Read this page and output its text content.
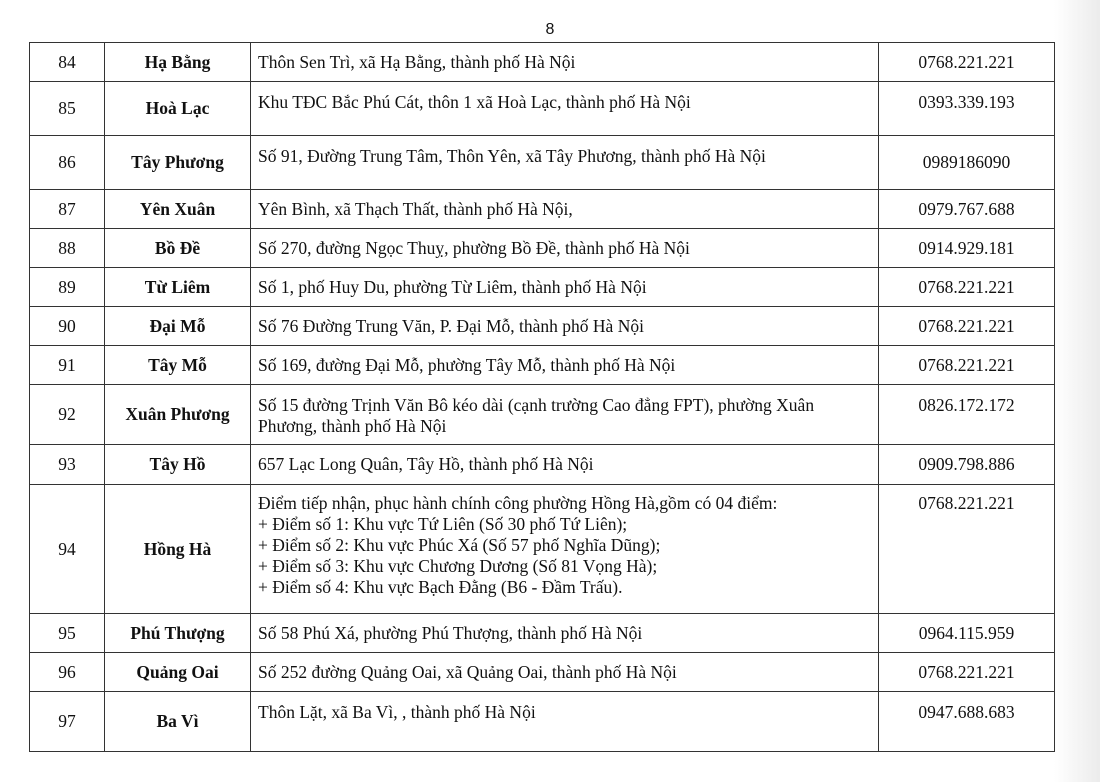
8
84	Hạ Bằng	Thôn Sen Trì, xã Hạ Bằng, thành phố Hà Nội	0768.221.221
85	Hoà Lạc	Khu TĐC Bắc Phú Cát, thôn 1 xã Hoà Lạc, thành phố Hà Nội	0393.339.193
86	Tây Phương	Số 91, Đường Trung Tâm, Thôn Yên, xã Tây Phương, thành phố Hà Nội	0989186090
87	Yên Xuân	Yên Bình, xã Thạch Thất, thành phố Hà Nội,	0979.767.688
88	Bồ Đề	Số 270, đường Ngọc Thuỵ, phường Bồ Đề, thành phố Hà Nội	0914.929.181
89	Từ Liêm	Số 1, phố Huy Du, phường Từ Liêm, thành phố Hà Nội	0768.221.221
90	Đại Mỗ	Số 76 Đường Trung Văn, P. Đại Mỗ, thành phố Hà Nội	0768.221.221
91	Tây Mỗ	Số 169, đường Đại Mỗ, phường Tây Mỗ, thành phố Hà Nội	0768.221.221
92	Xuân Phương	Số 15 đường Trịnh Văn Bô kéo dài (cạnh trường Cao đẳng FPT), phường Xuân
Phương, thành phố Hà Nội	0826.172.172
93	Tây Hồ	657 Lạc Long Quân, Tây Hồ, thành phố Hà Nội	0909.798.886
94	Hồng Hà	Điểm tiếp nhận, phục hành chính công phường Hồng Hà,gồm có 04 điểm:
+ Điểm số 1: Khu vực Tứ Liên (Số 30 phố Tứ Liên);
+ Điểm số 2: Khu vực Phúc Xá (Số 57 phố Nghĩa Dũng);
+ Điểm số 3: Khu vực Chương Dương (Số 81 Vọng Hà);
+ Điểm số 4: Khu vực Bạch Đằng (B6 - Đầm Trấu).	0768.221.221
95	Phú Thượng	Số 58 Phú Xá, phường Phú Thượng, thành phố Hà Nội	0964.115.959
96	Quảng Oai	Số 252 đường Quảng Oai, xã Quảng Oai, thành phố Hà Nội	0768.221.221
97	Ba Vì	Thôn Lặt, xã Ba Vì, , thành phố Hà Nội	0947.688.683
